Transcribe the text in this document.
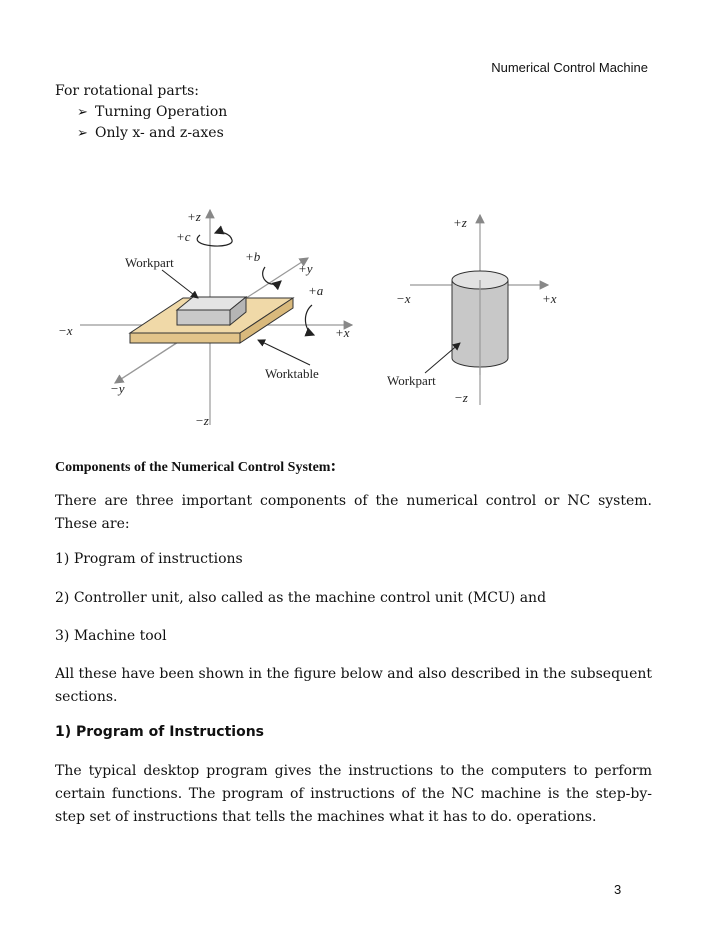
Numerical Control Machine
For rotational parts:
➢ Turning Operation
➢ Only x- and z-axes
+z
+c
Workpart	+b
+y
+a
−x	+x
−y
Worktable
−z
+z
−x	+x
Workpart
−z
Components of the Numerical Control System:
There are three important components of the numerical control or NC system. These are:
1) Program of instructions
2) Controller unit, also called as the machine control unit (MCU) and
3) Machine tool
All these have been shown in the figure below and also described in the subsequent sections.
1) Program of Instructions
The typical desktop program gives the instructions to the computers to perform certain functions. The program of instructions of the NC machine is the step-by-step set of instructions that tells the machines what it has to do. operations.
3
